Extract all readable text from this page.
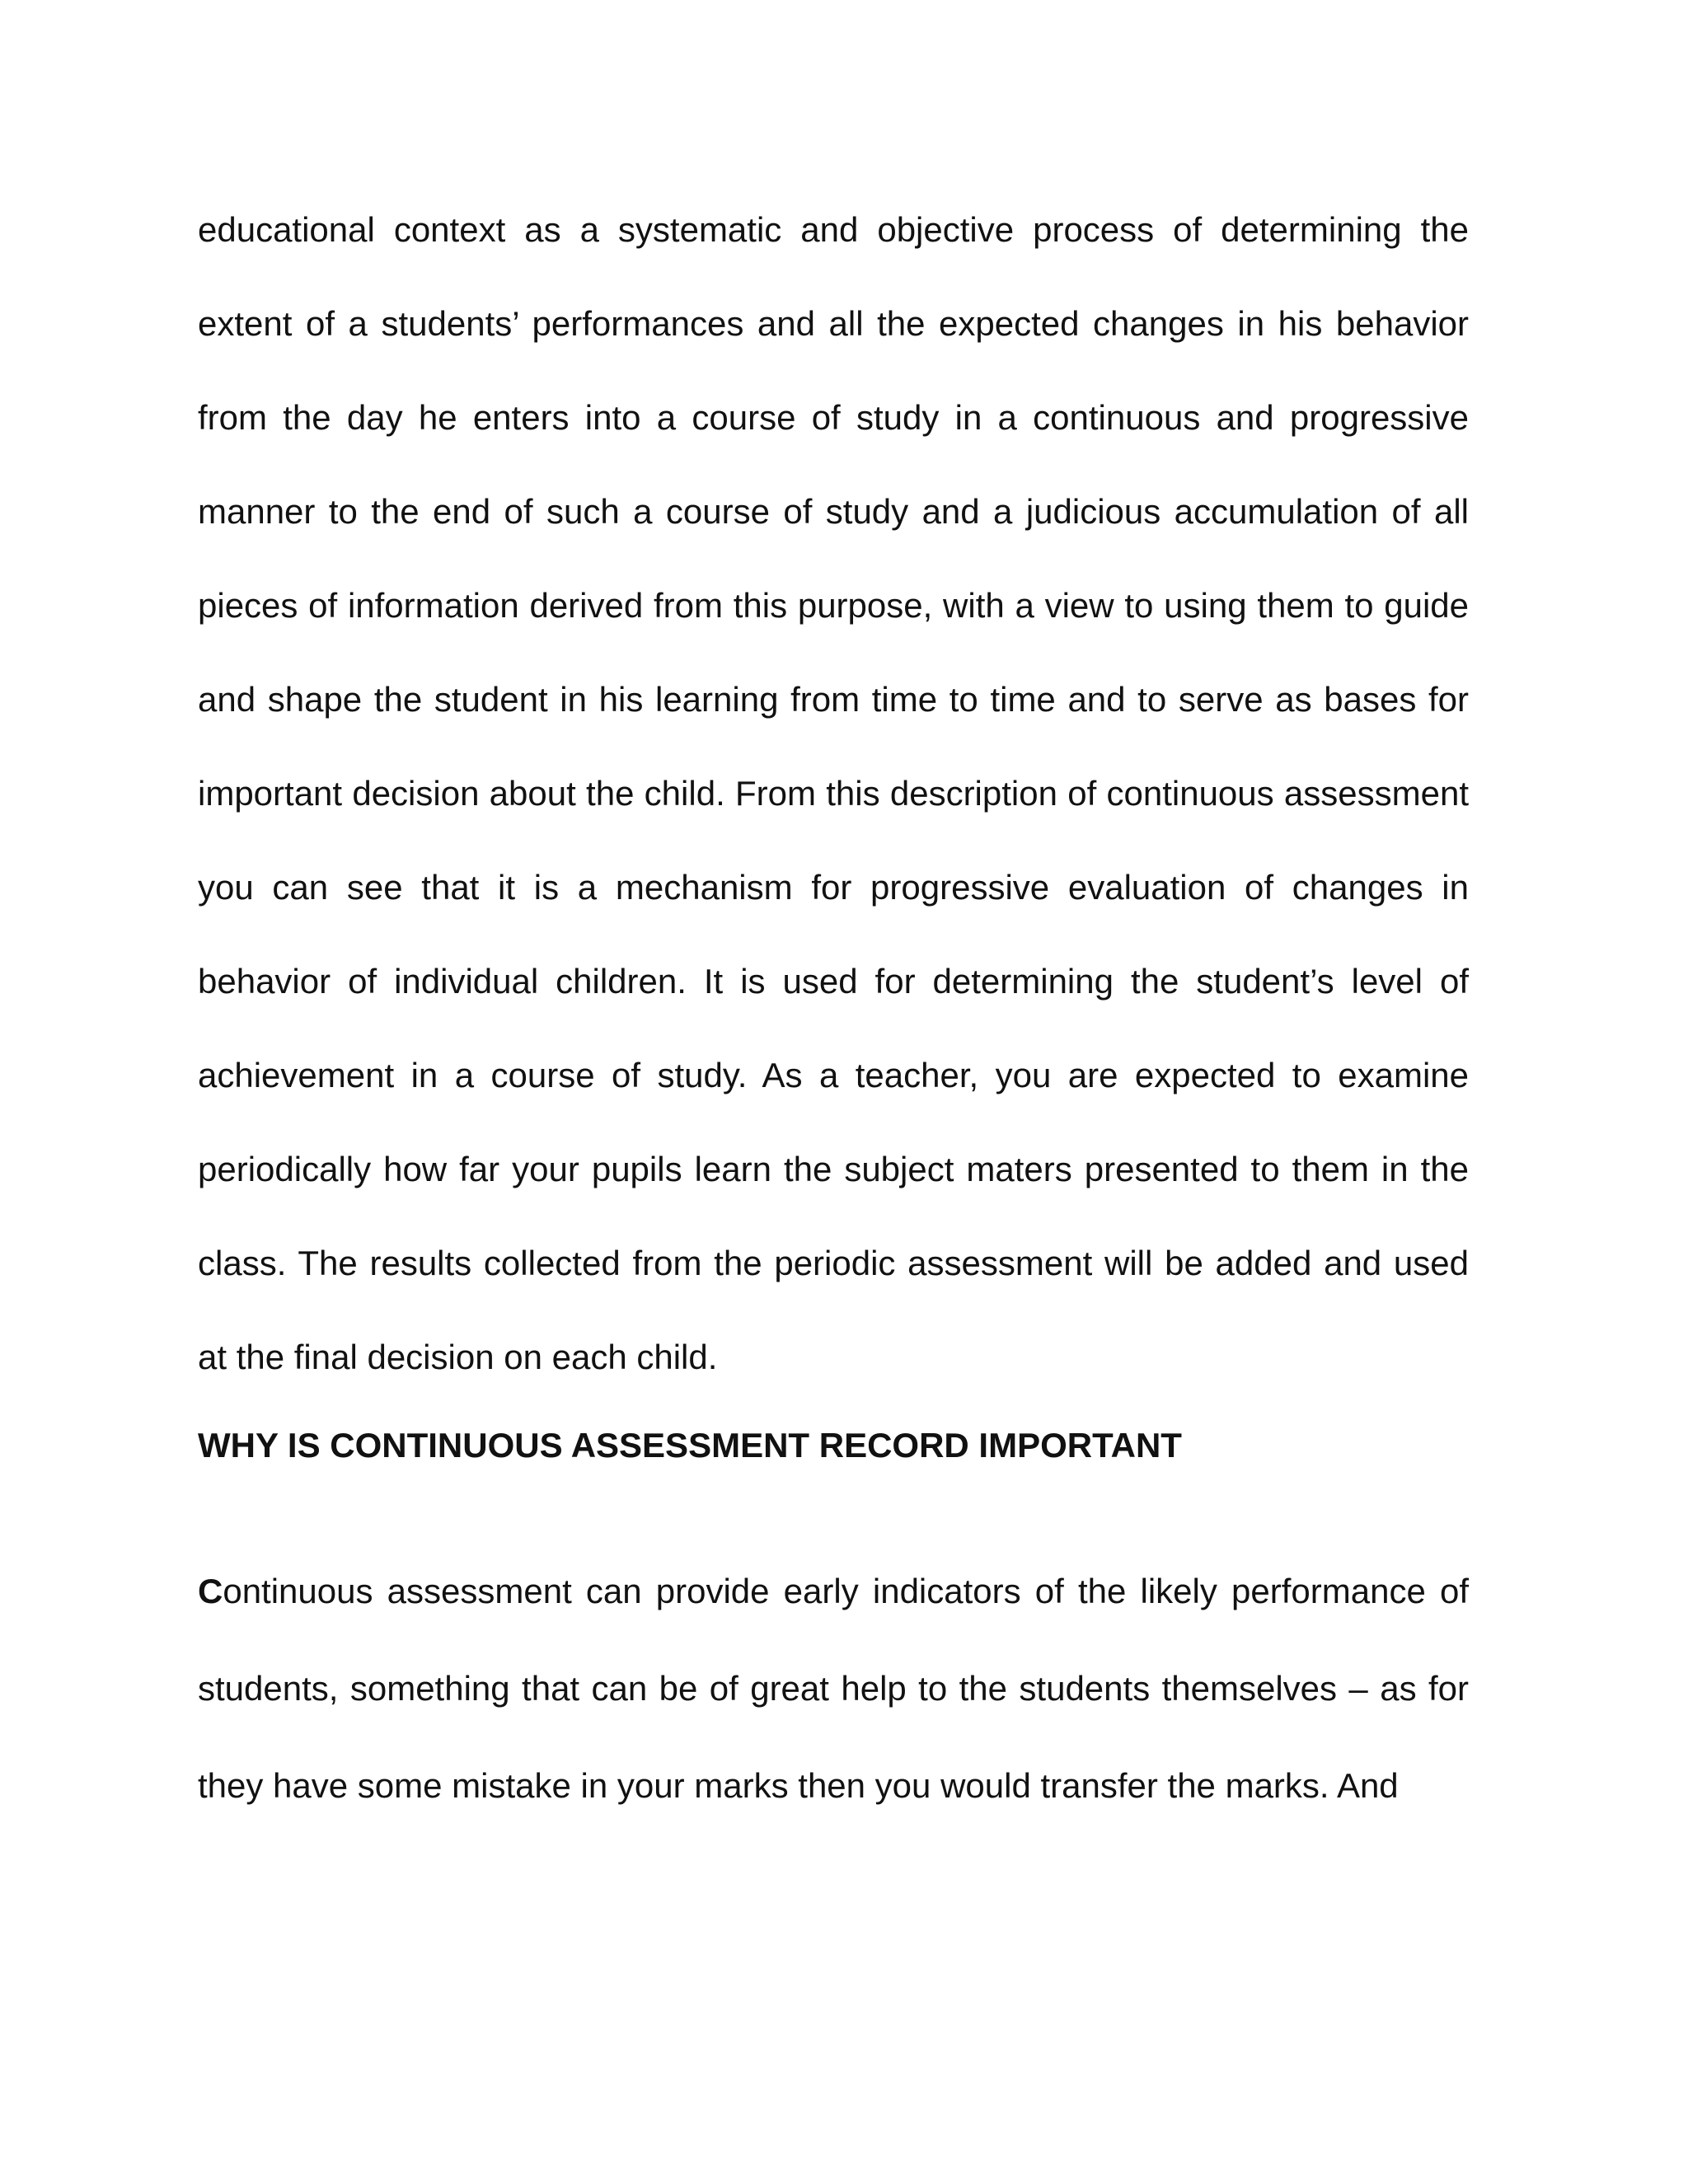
educational context as a systematic and objective process of determining the extent of a students’ performances and all the expected changes in his behavior from the day he enters into a course of study in a continuous and progressive manner to the end of such a course of study and a judicious accumulation of all pieces of information derived from this purpose, with a view to using them to guide and shape the student in his learning from time to time and to serve as bases for important decision about the child. From this description of continuous assessment you can see that it is a mechanism for progressive evaluation of changes in behavior of individual children. It is used for determining the student’s level of achievement in a course of study. As a teacher, you are expected to examine periodically how far your pupils learn the subject maters presented to them in the class. The results collected from the periodic assessment will be added and used at the final decision on each child.

WHY IS CONTINUOUS ASSESSMENT RECORD IMPORTANT

Continuous assessment can provide early indicators of the likely performance of students, something that can be of great help to the students themselves – as for they have some mistake in your marks then you would transfer the marks. And
